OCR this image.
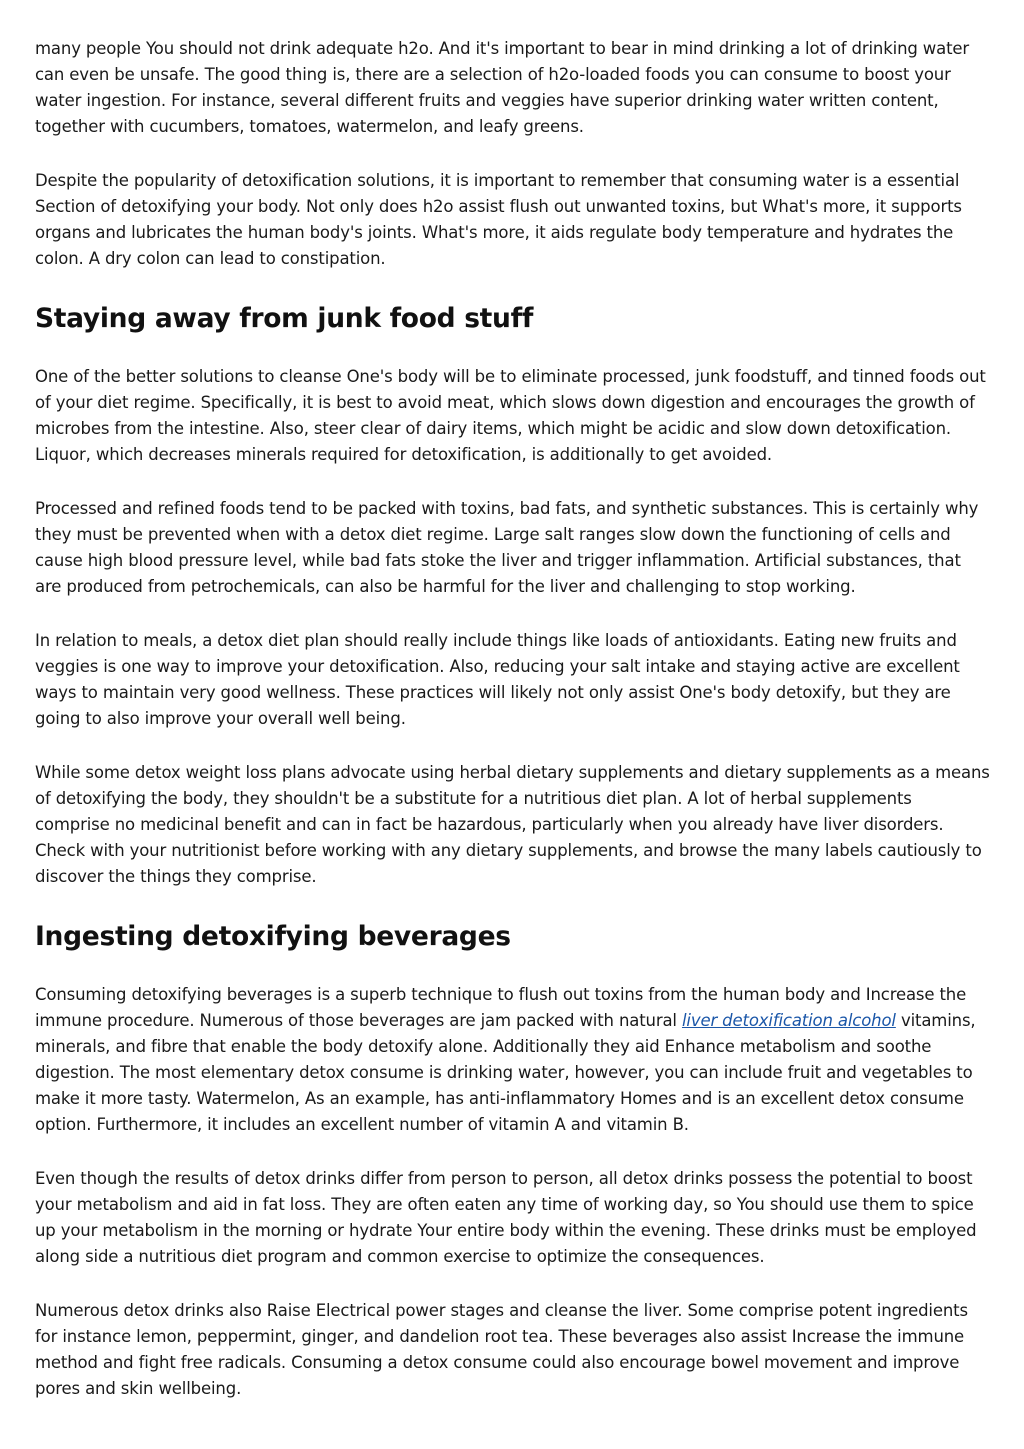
many people You should not drink adequate h2o. And it's important to bear in mind drinking a lot of drinking water can even be unsafe. The good thing is, there are a selection of h2o-loaded foods you can consume to boost your water ingestion. For instance, several different fruits and veggies have superior drinking water written content, together with cucumbers, tomatoes, watermelon, and leafy greens.

Despite the popularity of detoxification solutions, it is important to remember that consuming water is a essential Section of detoxifying your body. Not only does h2o assist flush out unwanted toxins, but What's more, it supports organs and lubricates the human body's joints. What's more, it aids regulate body temperature and hydrates the colon. A dry colon can lead to constipation.

Staying away from junk food stuff

One of the better solutions to cleanse One's body will be to eliminate processed, junk foodstuff, and tinned foods out of your diet regime. Specifically, it is best to avoid meat, which slows down digestion and encourages the growth of microbes from the intestine. Also, steer clear of dairy items, which might be acidic and slow down detoxification. Liquor, which decreases minerals required for detoxification, is additionally to get avoided.

Processed and refined foods tend to be packed with toxins, bad fats, and synthetic substances. This is certainly why they must be prevented when with a detox diet regime. Large salt ranges slow down the functioning of cells and cause high blood pressure level, while bad fats stoke the liver and trigger inflammation. Artificial substances, that are produced from petrochemicals, can also be harmful for the liver and challenging to stop working.

In relation to meals, a detox diet plan should really include things like loads of antioxidants. Eating new fruits and veggies is one way to improve your detoxification. Also, reducing your salt intake and staying active are excellent ways to maintain very good wellness. These practices will likely not only assist One's body detoxify, but they are going to also improve your overall well being.

While some detox weight loss plans advocate using herbal dietary supplements and dietary supplements as a means of detoxifying the body, they shouldn't be a substitute for a nutritious diet plan. A lot of herbal supplements comprise no medicinal benefit and can in fact be hazardous, particularly when you already have liver disorders. Check with your nutritionist before working with any dietary supplements, and browse the many labels cautiously to discover the things they comprise.

Ingesting detoxifying beverages

Consuming detoxifying beverages is a superb technique to flush out toxins from the human body and Increase the immune procedure. Numerous of those beverages are jam packed with natural liver detoxification alcohol vitamins, minerals, and fibre that enable the body detoxify alone. Additionally they aid Enhance metabolism and soothe digestion. The most elementary detox consume is drinking water, however, you can include fruit and vegetables to make it more tasty. Watermelon, As an example, has anti-inflammatory Homes and is an excellent detox consume option. Furthermore, it includes an excellent number of vitamin A and vitamin B.

Even though the results of detox drinks differ from person to person, all detox drinks possess the potential to boost your metabolism and aid in fat loss. They are often eaten any time of working day, so You should use them to spice up your metabolism in the morning or hydrate Your entire body within the evening. These drinks must be employed along side a nutritious diet program and common exercise to optimize the consequences.

Numerous detox drinks also Raise Electrical power stages and cleanse the liver. Some comprise potent ingredients for instance lemon, peppermint, ginger, and dandelion root tea. These beverages also assist Increase the immune method and fight free radicals. Consuming a detox consume could also encourage bowel movement and improve pores and skin wellbeing.
